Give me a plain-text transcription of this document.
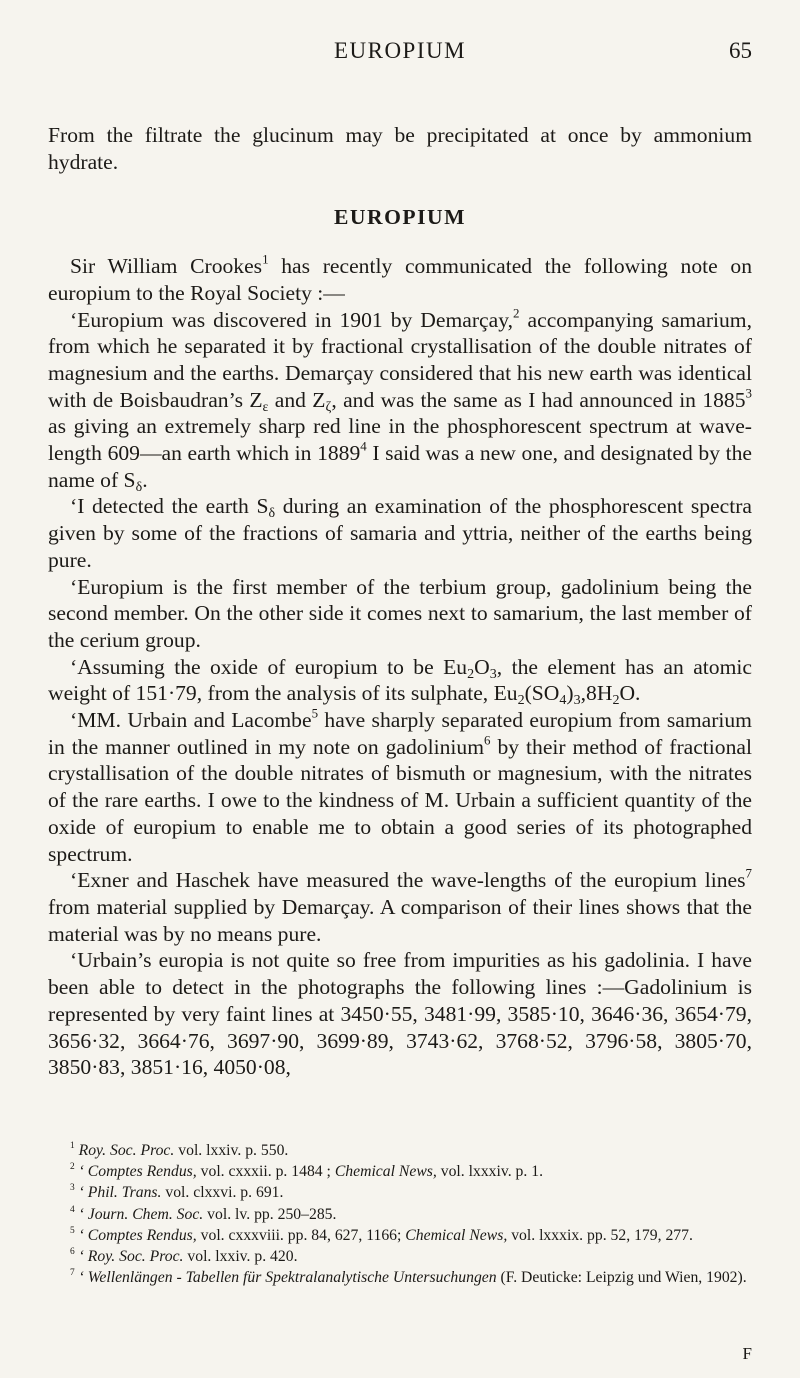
EUROPIUM	65

From the filtrate the glucinum may be precipitated at once by ammonium hydrate.

EUROPIUM

Sir William Crookes$^1$ has recently communicated the following note on europium to the Royal Society :—

‘Europium was discovered in 1901 by Demarçay,$^2$ accompanying samarium, from which he separated it by fractional crystallisation of the double nitrates of magnesium and the earths. Demarçay considered that his new earth was identical with de Boisbaudran’s $Z_\varepsilon$ and $Z_\zeta$, and was the same as I had announced in 1885$^3$ as giving an extremely sharp red line in the phosphorescent spectrum at wave-length 609—an earth which in 1889$^4$ I said was a new one, and designated by the name of $S_\delta$.

‘I detected the earth $S_\delta$ during an examination of the phosphorescent spectra given by some of the fractions of samaria and yttria, neither of the earths being pure.

‘Europium is the first member of the terbium group, gadolinium being the second member. On the other side it comes next to samarium, the last member of the cerium group.

‘Assuming the oxide of europium to be $Eu_2O_3$, the element has an atomic weight of 151·79, from the analysis of its sulphate, $Eu_2(SO_4)_3,8H_2O$.

‘MM. Urbain and Lacombe$^5$ have sharply separated europium from samarium in the manner outlined in my note on gadolinium$^6$ by their method of fractional crystallisation of the double nitrates of bismuth or magnesium, with the nitrates of the rare earths. I owe to the kindness of M. Urbain a sufficient quantity of the oxide of europium to enable me to obtain a good series of its photographed spectrum.

‘Exner and Haschek have measured the wave-lengths of the europium lines$^7$ from material supplied by Demarçay. A comparison of their lines shows that the material was by no means pure.

‘Urbain’s europia is not quite so free from impurities as his gadolinia. I have been able to detect in the photographs the following lines :—Gadolinium is represented by very faint lines at 3450·55, 3481·99, 3585·10, 3646·36, 3654·79, 3656·32, 3664·76, 3697·90, 3699·89, 3743·62, 3768·52, 3796·58, 3805·70, 3850·83, 3851·16, 4050·08,

$^1$ Roy. Soc. Proc. vol. lxxiv. p. 550.
$^2$ ‘ Comptes Rendus, vol. cxxxii. p. 1484 ; Chemical News, vol. lxxxiv. p. 1.
$^3$ ‘ Phil. Trans. vol. clxxvi. p. 691.
$^4$ ‘ Journ. Chem. Soc. vol. lv. pp. 250–285.
$^5$ ‘ Comptes Rendus, vol. cxxxviii. pp. 84, 627, 1166; Chemical News, vol. lxxxix. pp. 52, 179, 277.
$^6$ ‘ Roy. Soc. Proc. vol. lxxiv. p. 420.
$^7$ ‘ Wellenlängen - Tabellen für Spektralanalytische Untersuchungen (F. Deuticke: Leipzig und Wien, 1902).
F
